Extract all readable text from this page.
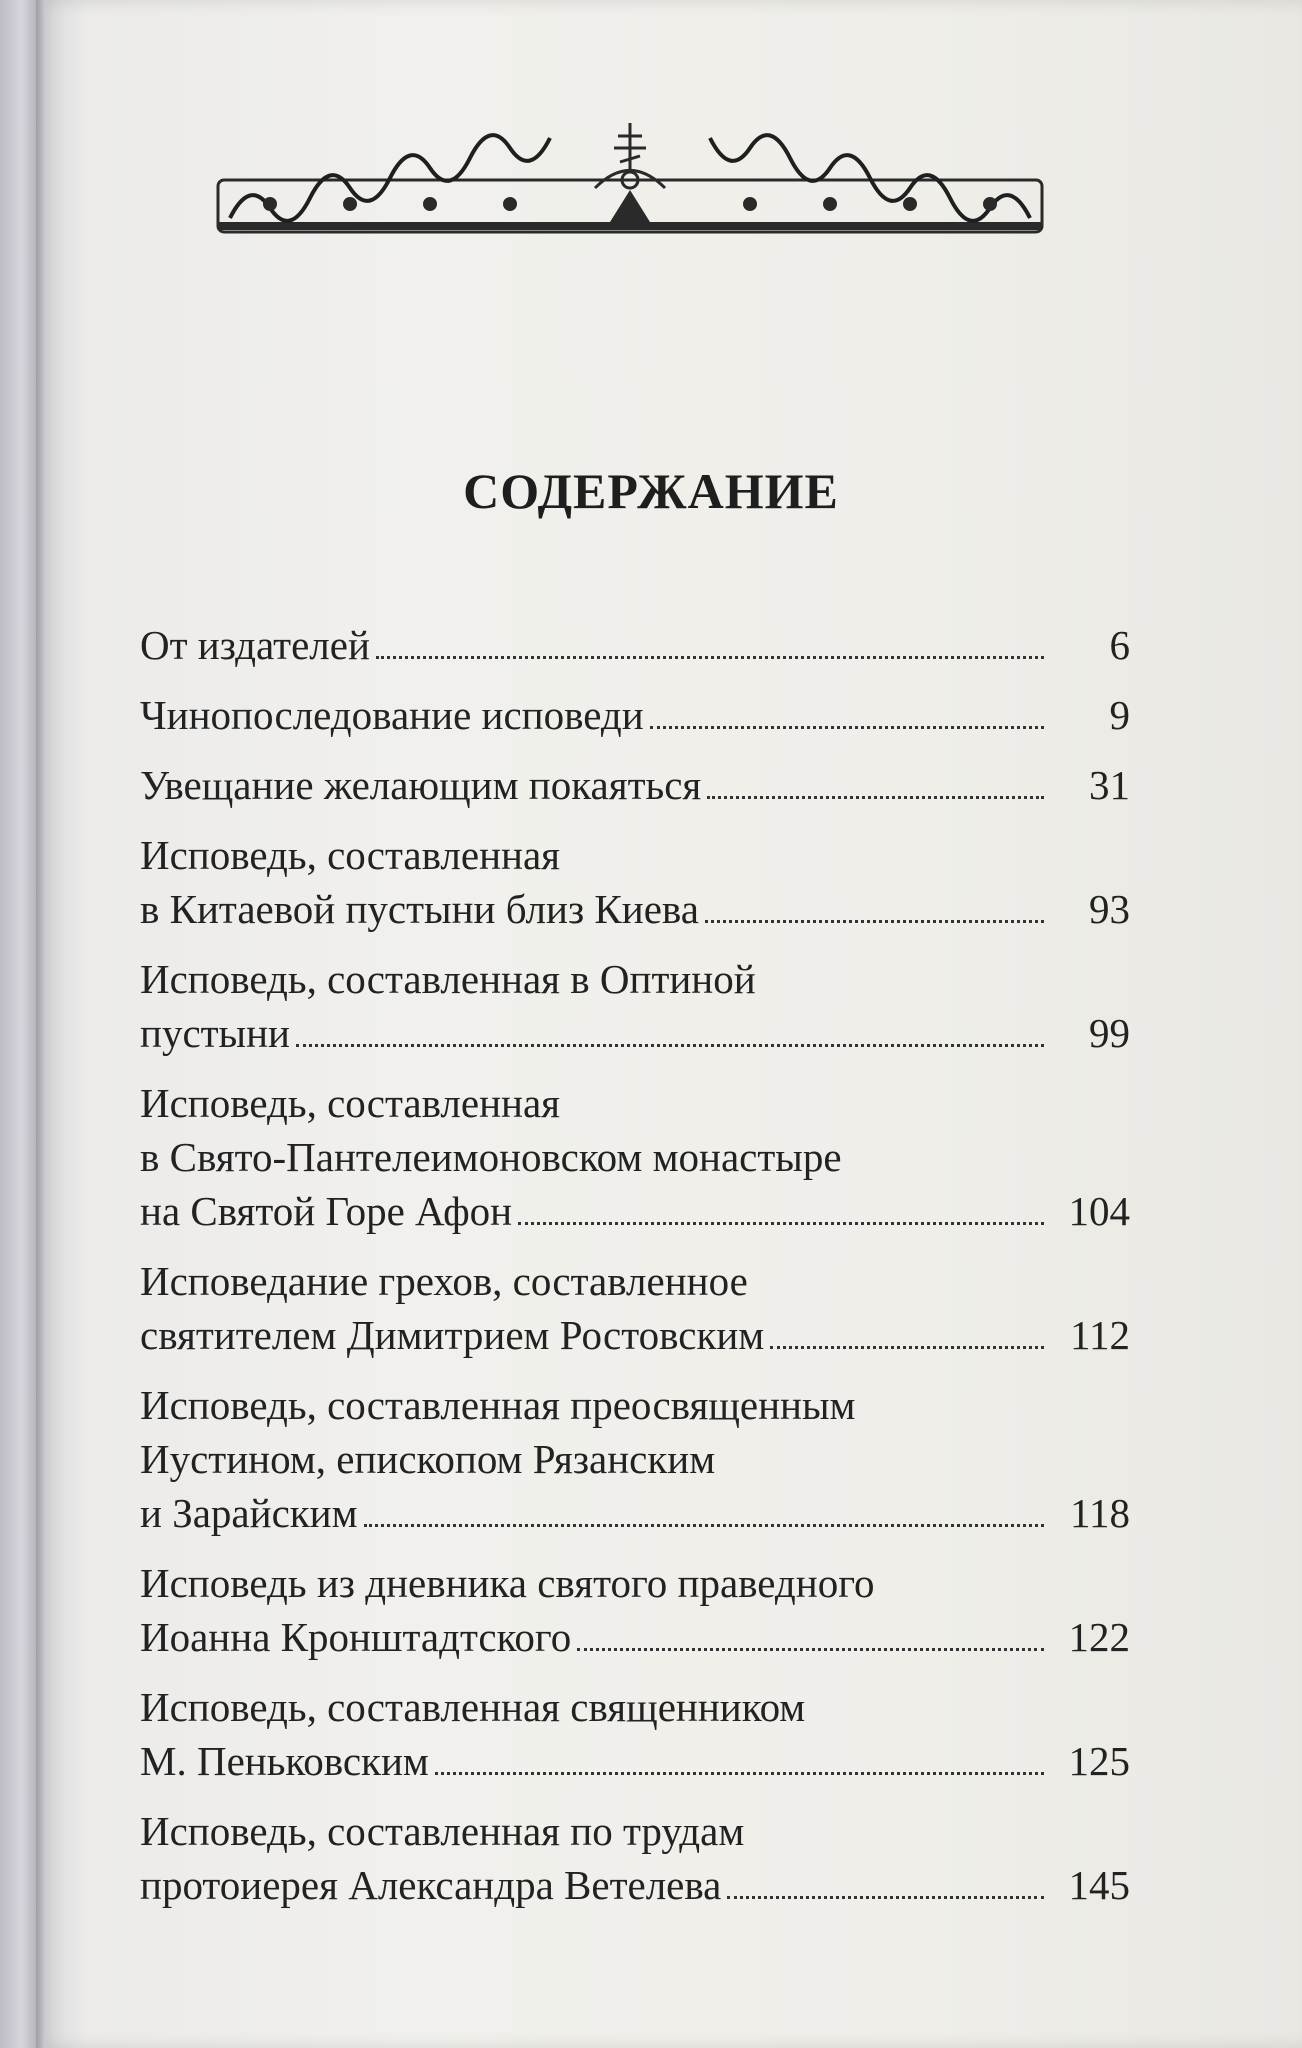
СОДЕРЖАНИЕ
От издателей	6
Чинопоследование исповеди	9
Увещание желающим покаяться	31
Исповедь, составленная
в Китаевой пустыни близ Киева	93
Исповедь, составленная в Оптиной
пустыни	99
Исповедь, составленная
в Свято-Пантелеимоновском монастыре
на Святой Горе Афон	104
Исповедание грехов, составленное
святителем Димитрием Ростовским	112
Исповедь, составленная преосвященным
Иустином, епископом Рязанским
и Зарайским	118
Исповедь из дневника святого праведного
Иоанна Кронштадтского	122
Исповедь, составленная священником
М. Пеньковским	125
Исповедь, составленная по трудам
протоиерея Александра Ветелева	145
